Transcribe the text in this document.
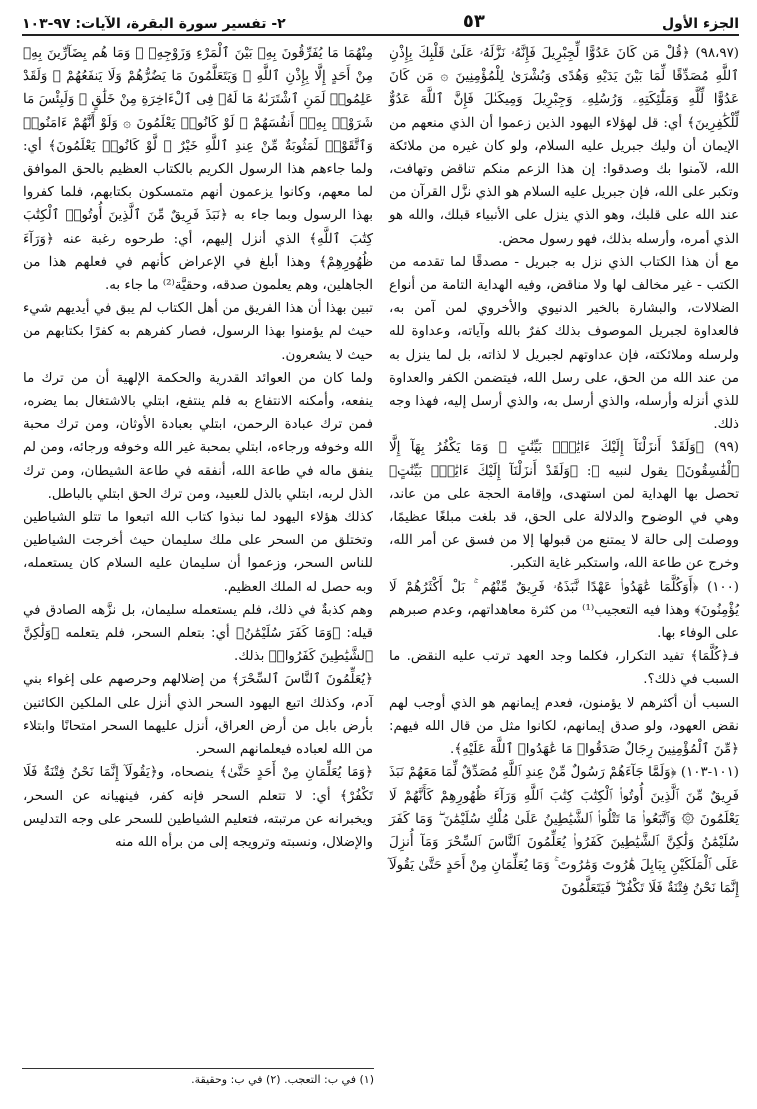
الجزء الأول
٥٣
٢- تفسير سورة البقرة، الآيات: ٩٧-١٠٣

(٩٨،٩٧) ﴿قُلْ مَن كَانَ عَدُوًّا لِّجِبْرِيلَ فَإِنَّهُۥ نَزَّلَهُۥ عَلَىٰ قَلْبِكَ بِإِذْنِ ٱللَّهِ مُصَدِّقًا لِّمَا بَيْنَ يَدَيْهِ وَهُدًى وَبُشْرَىٰ لِلْمُؤْمِنِينَ ۞ مَن كَانَ عَدُوًّا لِّلَّهِ وَمَلَٰٓئِكَتِهِۦ وَرُسُلِهِۦ وَجِبْرِيلَ وَمِيكَىٰلَ فَإِنَّ ٱللَّهَ عَدُوٌّ لِّلْكَٰفِرِينَ﴾ أي: قل لهؤلاء اليهود الذين زعموا أن الذي منعهم من الإيمان أن وليك جبريل عليه السلام، ولو كان غيره من ملائكة الله، لآمنوا بك وصدقوا: إن هذا الزعم منكم تناقض وتهافت، وتكبر على الله، فإن جبريل عليه السلام هو الذي نزَّل القرآن من عند الله على قلبك، وهو الذي ينزل على الأنبياء قبلك، والله هو الذي أمره، وأرسله بذلك، فهو رسول محض.

مع أن هذا الكتاب الذي نزل به جبريل - مصدقًا لما تقدمه من الكتب - غير مخالف لها ولا مناقض، وفيه الهداية التامة من أنواع الضلالات، والبشارة بالخير الدنيوي والأخروي لمن آمن به، فالعداوة لجبريل الموصوف بذلك كفرٌ بالله وآياته، وعداوة لله ولرسله وملائكته، فإن عداوتهم لجبريل لا لذاته، بل لما ينزل به من عند الله من الحق، على رسل الله، فيتضمن الكفر والعداوة للذي أنزله وأرسله، والذي أرسل به، والذي أرسل إليه، فهذا وجه ذلك.

(٩٩) ﴿وَلَقَدْ أَنزَلْنَآ إِلَيْكَ ءَايَٰتٍۭ بَيِّنَٰتٍ ۖ وَمَا يَكْفُرُ بِهَآ إِلَّا ٱلْفَٰسِقُونَ﴾ يقول لنبيه ﷺ: ﴿وَلَقَدْ أَنزَلْنَآ إِلَيْكَ ءَايَٰتٍۭ بَيِّنَٰتٍ﴾ تحصل بها الهداية لمن استهدى، وإقامة الحجة على من عاند، وهي في الوضوح والدلالة على الحق، قد بلغت مبلغًا عظيمًا، ووصلت إلى حالة لا يمتنع من قبولها إلا من فسق عن أمر الله، وخرج عن طاعة الله، واستكبر غاية التكبر.

(١٠٠) ﴿أَوَكُلَّمَا عَٰهَدُوا۟ عَهْدًا نَّبَذَهُۥ فَرِيقٌ مِّنْهُم ۚ بَلْ أَكْثَرُهُمْ لَا يُؤْمِنُونَ﴾ وهذا فيه التعجيب⁽¹⁾ من كثرة معاهداتهم، وعدم صبرهم على الوفاء بها.

فـ﴿كُلَّمَا﴾ تفيد التكرار، فكلما وجد العهد ترتب عليه النقض. ما السبب في ذلك؟.

السبب أن أكثرهم لا يؤمنون، فعدم إيمانهم هو الذي أوجب لهم نقض العهود، ولو صدق إيمانهم، لكانوا مثل من قال الله فيهم: ﴿مِّنَ ٱلْمُؤْمِنِينَ رِجَالٌ صَدَقُوا۟ مَا عَٰهَدُوا۟ ٱللَّهَ عَلَيْهِ﴾.

(١٠١-١٠٣) ﴿وَلَمَّا جَآءَهُمْ رَسُولٌ مِّنْ عِندِ ٱللَّهِ مُصَدِّقٌ لِّمَا مَعَهُمْ نَبَذَ فَرِيقٌ مِّنَ ٱلَّذِينَ أُوتُوا۟ ٱلْكِتَٰبَ كِتَٰبَ ٱللَّهِ وَرَآءَ ظُهُورِهِمْ كَأَنَّهُمْ لَا يَعْلَمُونَ ۞ وَٱتَّبَعُوا۟ مَا تَتْلُوا۟ ٱلشَّيَٰطِينُ عَلَىٰ مُلْكِ سُلَيْمَٰنَ ۖ وَمَا كَفَرَ سُلَيْمَٰنُ وَلَٰكِنَّ ٱلشَّيَٰطِينَ كَفَرُوا۟ يُعَلِّمُونَ ٱلنَّاسَ ٱلسِّحْرَ وَمَآ أُنزِلَ عَلَى ٱلْمَلَكَيْنِ بِبَابِلَ هَٰرُوتَ وَمَٰرُوتَ ۚ وَمَا يُعَلِّمَانِ مِنْ أَحَدٍ حَتَّىٰ يَقُولَآ إِنَّمَا نَحْنُ فِتْنَةٌ فَلَا تَكْفُرْ ۖ فَيَتَعَلَّمُونَ

مِنْهُمَا مَا يُفَرِّقُونَ بِهِۦ بَيْنَ ٱلْمَرْءِ وَزَوْجِهِۦ ۚ وَمَا هُم بِضَآرِّينَ بِهِۦ مِنْ أَحَدٍ إِلَّا بِإِذْنِ ٱللَّهِ ۚ وَيَتَعَلَّمُونَ مَا يَضُرُّهُمْ وَلَا يَنفَعُهُمْ ۚ وَلَقَدْ عَلِمُوا۟ لَمَنِ ٱشْتَرَىٰهُ مَا لَهُۥ فِى ٱلْءَاخِرَةِ مِنْ خَلَٰقٍ ۚ وَلَبِئْسَ مَا شَرَوْا۟ بِهِۦٓ أَنفُسَهُمْ ۚ لَوْ كَانُوا۟ يَعْلَمُونَ ۞ وَلَوْ أَنَّهُمْ ءَامَنُوا۟ وَٱتَّقَوْا۟ لَمَثُوبَةٌ مِّنْ عِندِ ٱللَّهِ خَيْرٌ ۖ لَّوْ كَانُوا۟ يَعْلَمُونَ﴾ أي: ولما جاءهم هذا الرسول الكريم بالكتاب العظيم بالحق الموافق لما معهم، وكانوا يزعمون أنهم متمسكون بكتابهم، فلما كفروا بهذا الرسول وبما جاء به ﴿نَبَذَ فَرِيقٌ مِّنَ ٱلَّذِينَ أُوتُوا۟ ٱلْكِتَٰبَ كِتَٰبَ ٱللَّهِ﴾ الذي أنزل إليهم، أي: طرحوه رغبة عنه ﴿وَرَآءَ ظُهُورِهِمْ﴾ وهذا أبلغ في الإعراض كأنهم في فعلهم هذا من الجاهلين، وهم يعلمون صدقه، وحقيَّة⁽²⁾ ما جاء به.

تبين بهذا أن هذا الفريق من أهل الكتاب لم يبق في أيديهم شيء حيث لم يؤمنوا بهذا الرسول، فصار كفرهم به كفرًا بكتابهم من حيث لا يشعرون.

ولما كان من العوائد القدرية والحكمة الإلهية أن من ترك ما ينفعه، وأمكنه الانتفاع به فلم ينتفع، ابتلي بالاشتغال بما يضره، فمن ترك عبادة الرحمن، ابتلي بعبادة الأوثان، ومن ترك محبة الله وخوفه ورجاءه، ابتلي بمحبة غير الله وخوفه ورجائه، ومن لم ينفق ماله في طاعة الله، أنفقه في طاعة الشيطان، ومن ترك الذل لربه، ابتلي بالذل للعبيد، ومن ترك الحق ابتلي بالباطل.

كذلك هؤلاء اليهود لما نبذوا كتاب الله اتبعوا ما تتلو الشياطين وتختلق من السحر على ملك سليمان حيث أخرجت الشياطين للناس السحر، وزعموا أن سليمان عليه السلام كان يستعمله، وبه حصل له الملك العظيم.

وهم كذبةٌ في ذلك، فلم يستعمله سليمان، بل نزَّهه الصادق في قيله: ﴿وَمَا كَفَرَ سُلَيْمَٰنُ﴾ أي: بتعلم السحر، فلم يتعلمه ﴿وَلَٰكِنَّ ٱلشَّيَٰطِينَ كَفَرُوا۟﴾ بذلك.

﴿يُعَلِّمُونَ ٱلنَّاسَ ٱلسِّحْرَ﴾ من إضلالهم وحرصهم على إغواء بني آدم، وكذلك اتبع اليهود السحر الذي أنزل على الملكين الكائنين بأرض بابل من أرض العراق، أنزل عليهما السحر امتحانًا وابتلاء من الله لعباده فيعلمانهم السحر.

﴿وَمَا يُعَلِّمَانِ مِنْ أَحَدٍ حَتَّىٰ﴾ ينصحاه، و﴿يَقُولَآ إِنَّمَا نَحْنُ فِتْنَةٌ فَلَا تَكْفُرْ﴾ أي: لا تتعلم السحر فإنه كفر، فينهيانه عن السحر، ويخبرانه عن مرتبته، فتعليم الشياطين للسحر على وجه التدليس والإضلال، ونسبته وترويجه إلى من برأه الله منه

(١) في ب: التعجب. (٢) في ب: وحقيقة.
